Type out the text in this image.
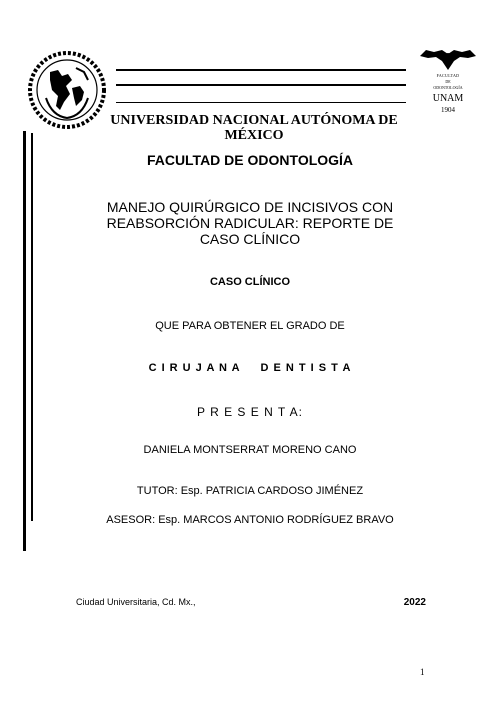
FACULTAD
DE
ODONTOLOGÍA
UNAM
1904
UNIVERSIDAD NACIONAL AUTÓNOMA DE MÉXICO
FACULTAD DE ODONTOLOGÍA
MANEJO QUIRÚRGICO DE INCISIVOS CON REABSORCIÓN RADICULAR: REPORTE DE CASO CLÍNICO
CASO CLÍNICO
QUE PARA OBTENER EL GRADO DE
C I R U J A N A     D E N T I S T A
P R E S E N T A:
DANIELA MONTSERRAT MORENO CANO
TUTOR: Esp. PATRICIA CARDOSO JIMÉNEZ
ASESOR: Esp. MARCOS ANTONIO RODRÍGUEZ BRAVO
Ciudad Universitaria, Cd. Mx.,	2022
1
